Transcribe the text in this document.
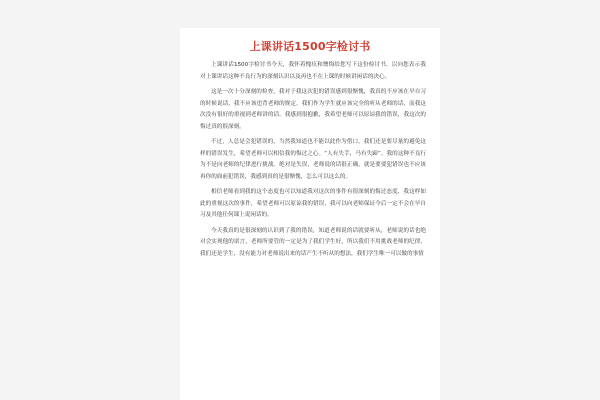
上课讲话1500字检讨书

上课讲话1500字检讨书今天，我怀着愧疚和懊悔给您写下这份检讨书，以向您表示我对上课讲话这种不良行为的深刻认识以及再也不在上课的时候讲闲话的决心。

这是一次十分深刻的检查，我对于我这次犯的错误感到很惭愧，我真的不应该在早自习的时候说话，我不应该违背老师的规定，我们作为学生就应该完全的听从老师的话，而我这次没有很好的重视到老师讲的话。我感到很抱歉，我希望老师可以原谅我的错误，我这次的悔过真的很深刻。

不过，人总是会犯错误的，当然我知道也不能以此作为借口，我们还是要尽量的避免这样的错误发生，希望老师可以相信我的悔过之心。“人有失手，马有失蹄”。我的这种不良行为不是向老师的纪律进行挑战。绝对是失误，老师说的话很正确，就是要要犯错误也不应该再你的面前犯错误，我感到真的是很惭愧，怎么可以这么的。

相信老师看到我的这个态度也可以知道我对这次的事件有很深刻的悔过态度，我这样如此的重视这次的事件，希望老师可以原谅我的错误，我可以向老师保证今后一定不会在早自习及其他任何课上说闲话的。

今天我真的是很深刻的认识到了我的错误，知道老师说的话就要听从，老师说的话也绝对会实现他的诺言，老师所要管的一定是为了我们学生好，所以我们不用挑战老师的纪律，我们还是学生，没有能力对老师说出来的话产生不听从的想法，我们学生唯一可以做的事情
